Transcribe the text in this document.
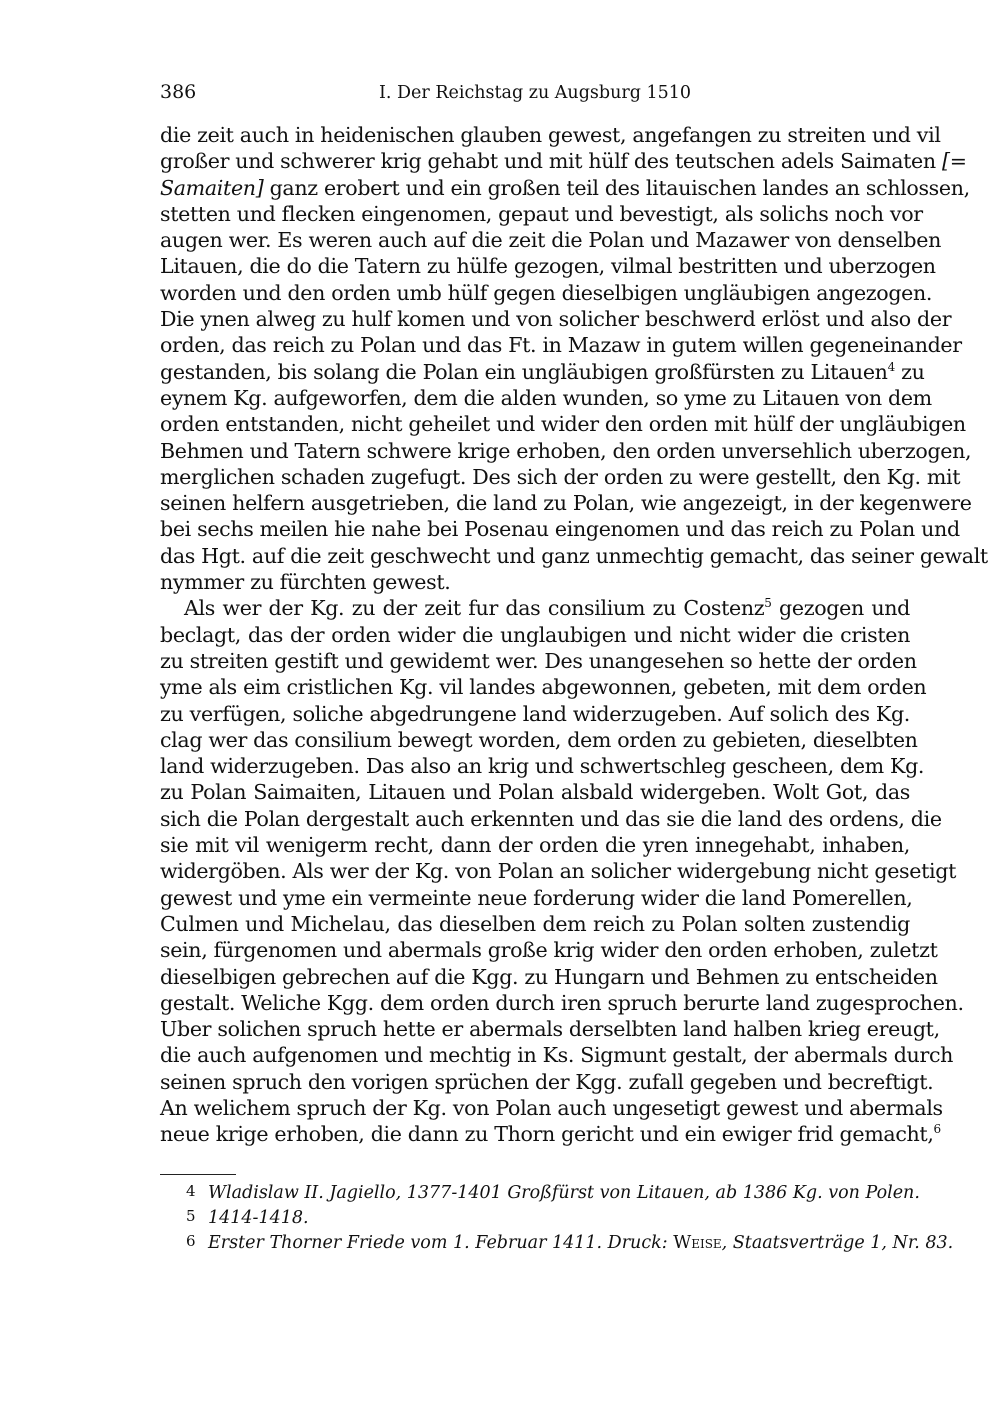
386	I. Der Reichstag zu Augsburg 1510
die zeit auch in heidenischen glauben gewest, angefangen zu streiten und vil
großer und schwerer krig gehabt und mit hülf des teutschen adels Saimaten [=
Samaiten] ganz erobert und ein großen teil des litauischen landes an schlossen,
stetten und flecken eingenomen, gepaut und bevestigt, als solichs noch vor
augen wer. Es weren auch auf die zeit die Polan und Mazawer von denselben
Litauen, die do die Tatern zu hülfe gezogen, vilmal bestritten und uberzogen
worden und den orden umb hülf gegen dieselbigen ungläubigen angezogen.
Die ynen alweg zu hulf komen und von solicher beschwerd erlöst und also der
orden, das reich zu Polan und das Ft. in Mazaw in gutem willen gegeneinander
gestanden, bis solang die Polan ein ungläubigen großfürsten zu Litauen$^4$ zu
eynem Kg. aufgeworfen, dem die alden wunden, so yme zu Litauen von dem
orden entstanden, nicht geheilet und wider den orden mit hülf der ungläubigen
Behmen und Tatern schwere krige erhoben, den orden unversehlich uberzogen,
merglichen schaden zugefugt. Des sich der orden zu were gestellt, den Kg. mit
seinen helfern ausgetrieben, die land zu Polan, wie angezeigt, in der kegenwere
bei sechs meilen hie nahe bei Posenau eingenomen und das reich zu Polan und
das Hgt. auf die zeit geschwecht und ganz unmechtig gemacht, das seiner gewalt
nymmer zu fürchten gewest.
Als wer der Kg. zu der zeit fur das consilium zu Costenz$^5$ gezogen und
beclagt, das der orden wider die unglaubigen und nicht wider die cristen
zu streiten gestift und gewidemt wer. Des unangesehen so hette der orden
yme als eim cristlichen Kg. vil landes abgewonnen, gebeten, mit dem orden
zu verfügen, soliche abgedrungene land widerzugeben. Auf solich des Kg.
clag wer das consilium bewegt worden, dem orden zu gebieten, dieselbten
land widerzugeben. Das also an krig und schwertschleg gescheen, dem Kg.
zu Polan Saimaiten, Litauen und Polan alsbald widergeben. Wolt Got, das
sich die Polan dergestalt auch erkennten und das sie die land des ordens, die
sie mit vil wenigerm recht, dann der orden die yren innegehabt, inhaben,
widergöben. Als wer der Kg. von Polan an solicher widergebung nicht gesetigt
gewest und yme ein vermeinte neue forderung wider die land Pomerellen,
Culmen und Michelau, das dieselben dem reich zu Polan solten zustendig
sein, fürgenomen und abermals große krig wider den orden erhoben, zuletzt
dieselbigen gebrechen auf die Kgg. zu Hungarn und Behmen zu entscheiden
gestalt. Weliche Kgg. dem orden durch iren spruch berurte land zugesprochen.
Uber solichen spruch hette er abermals derselbten land halben krieg ereugt,
die auch aufgenomen und mechtig in Ks. Sigmunt gestalt, der abermals durch
seinen spruch den vorigen sprüchen der Kgg. zufall gegeben und becreftigt.
An welichem spruch der Kg. von Polan auch ungesetigt gewest und abermals
neue krige erhoben, die dann zu Thorn gericht und ein ewiger frid gemacht,$^6$
4 Wladislaw II. Jagiello, 1377-1401 Großfürst von Litauen, ab 1386 Kg. von Polen.
5 1414-1418.
6 Erster Thorner Friede vom 1. Februar 1411. Druck: Weise, Staatsverträge 1, Nr. 83.
